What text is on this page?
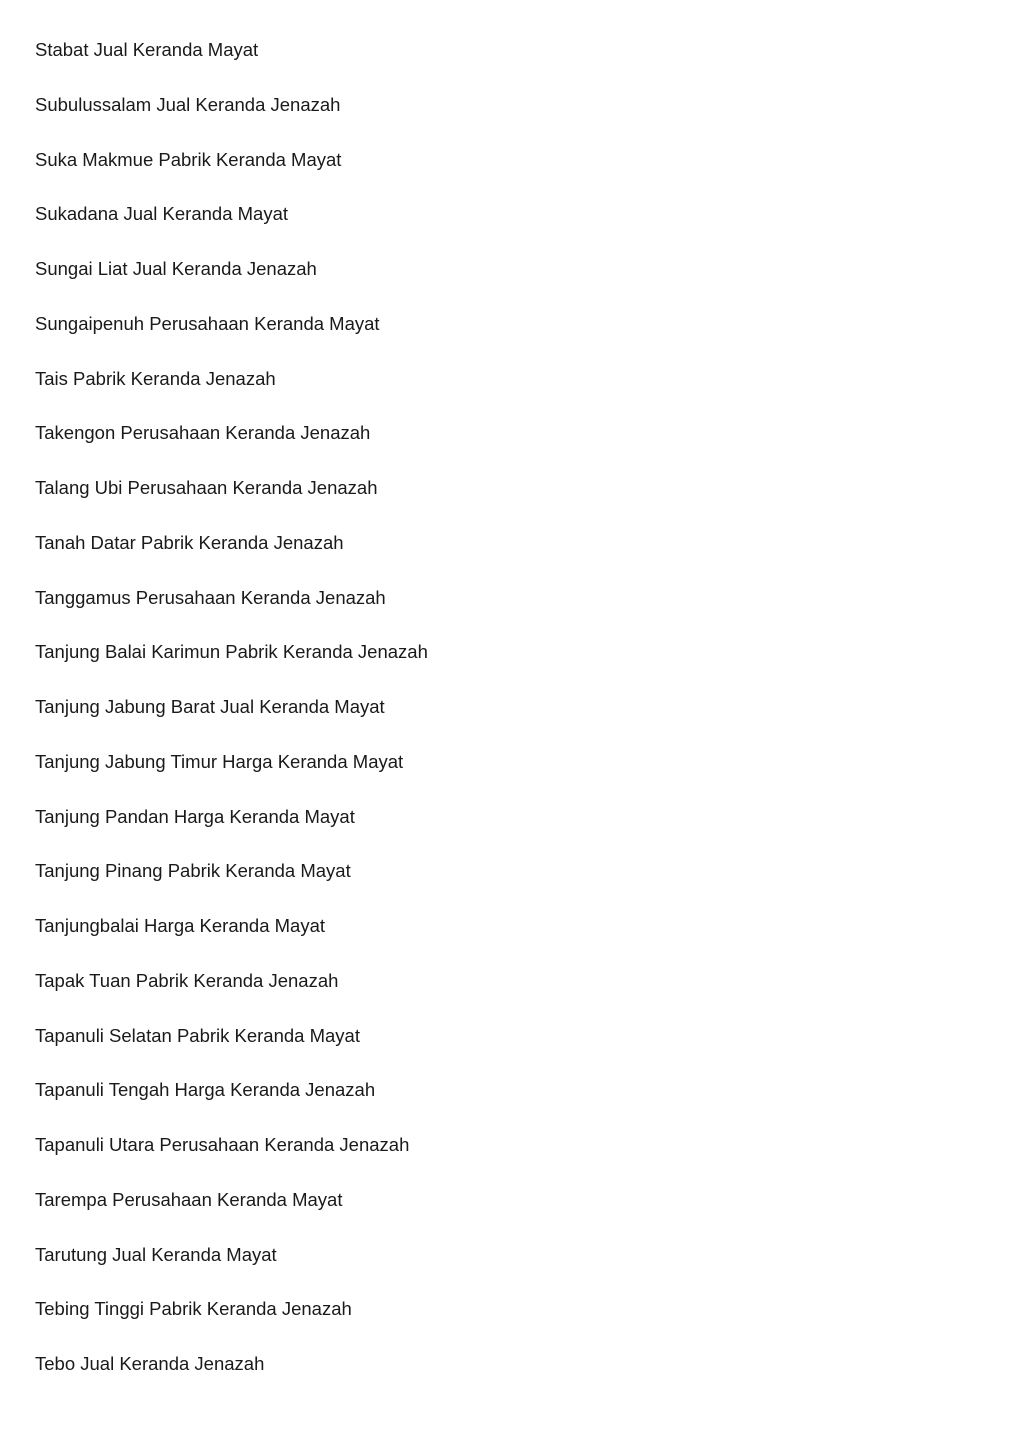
Stabat Jual Keranda Mayat
Subulussalam Jual Keranda Jenazah
Suka Makmue Pabrik Keranda Mayat
Sukadana Jual Keranda Mayat
Sungai Liat Jual Keranda Jenazah
Sungaipenuh Perusahaan Keranda Mayat
Tais Pabrik Keranda Jenazah
Takengon Perusahaan Keranda Jenazah
Talang Ubi Perusahaan Keranda Jenazah
Tanah Datar Pabrik Keranda Jenazah
Tanggamus Perusahaan Keranda Jenazah
Tanjung Balai Karimun Pabrik Keranda Jenazah
Tanjung Jabung Barat Jual Keranda Mayat
Tanjung Jabung Timur Harga Keranda Mayat
Tanjung Pandan Harga Keranda Mayat
Tanjung Pinang Pabrik Keranda Mayat
Tanjungbalai Harga Keranda Mayat
Tapak Tuan Pabrik Keranda Jenazah
Tapanuli Selatan Pabrik Keranda Mayat
Tapanuli Tengah Harga Keranda Jenazah
Tapanuli Utara Perusahaan Keranda Jenazah
Tarempa Perusahaan Keranda Mayat
Tarutung Jual Keranda Mayat
Tebing Tinggi Pabrik Keranda Jenazah
Tebo Jual Keranda Jenazah
